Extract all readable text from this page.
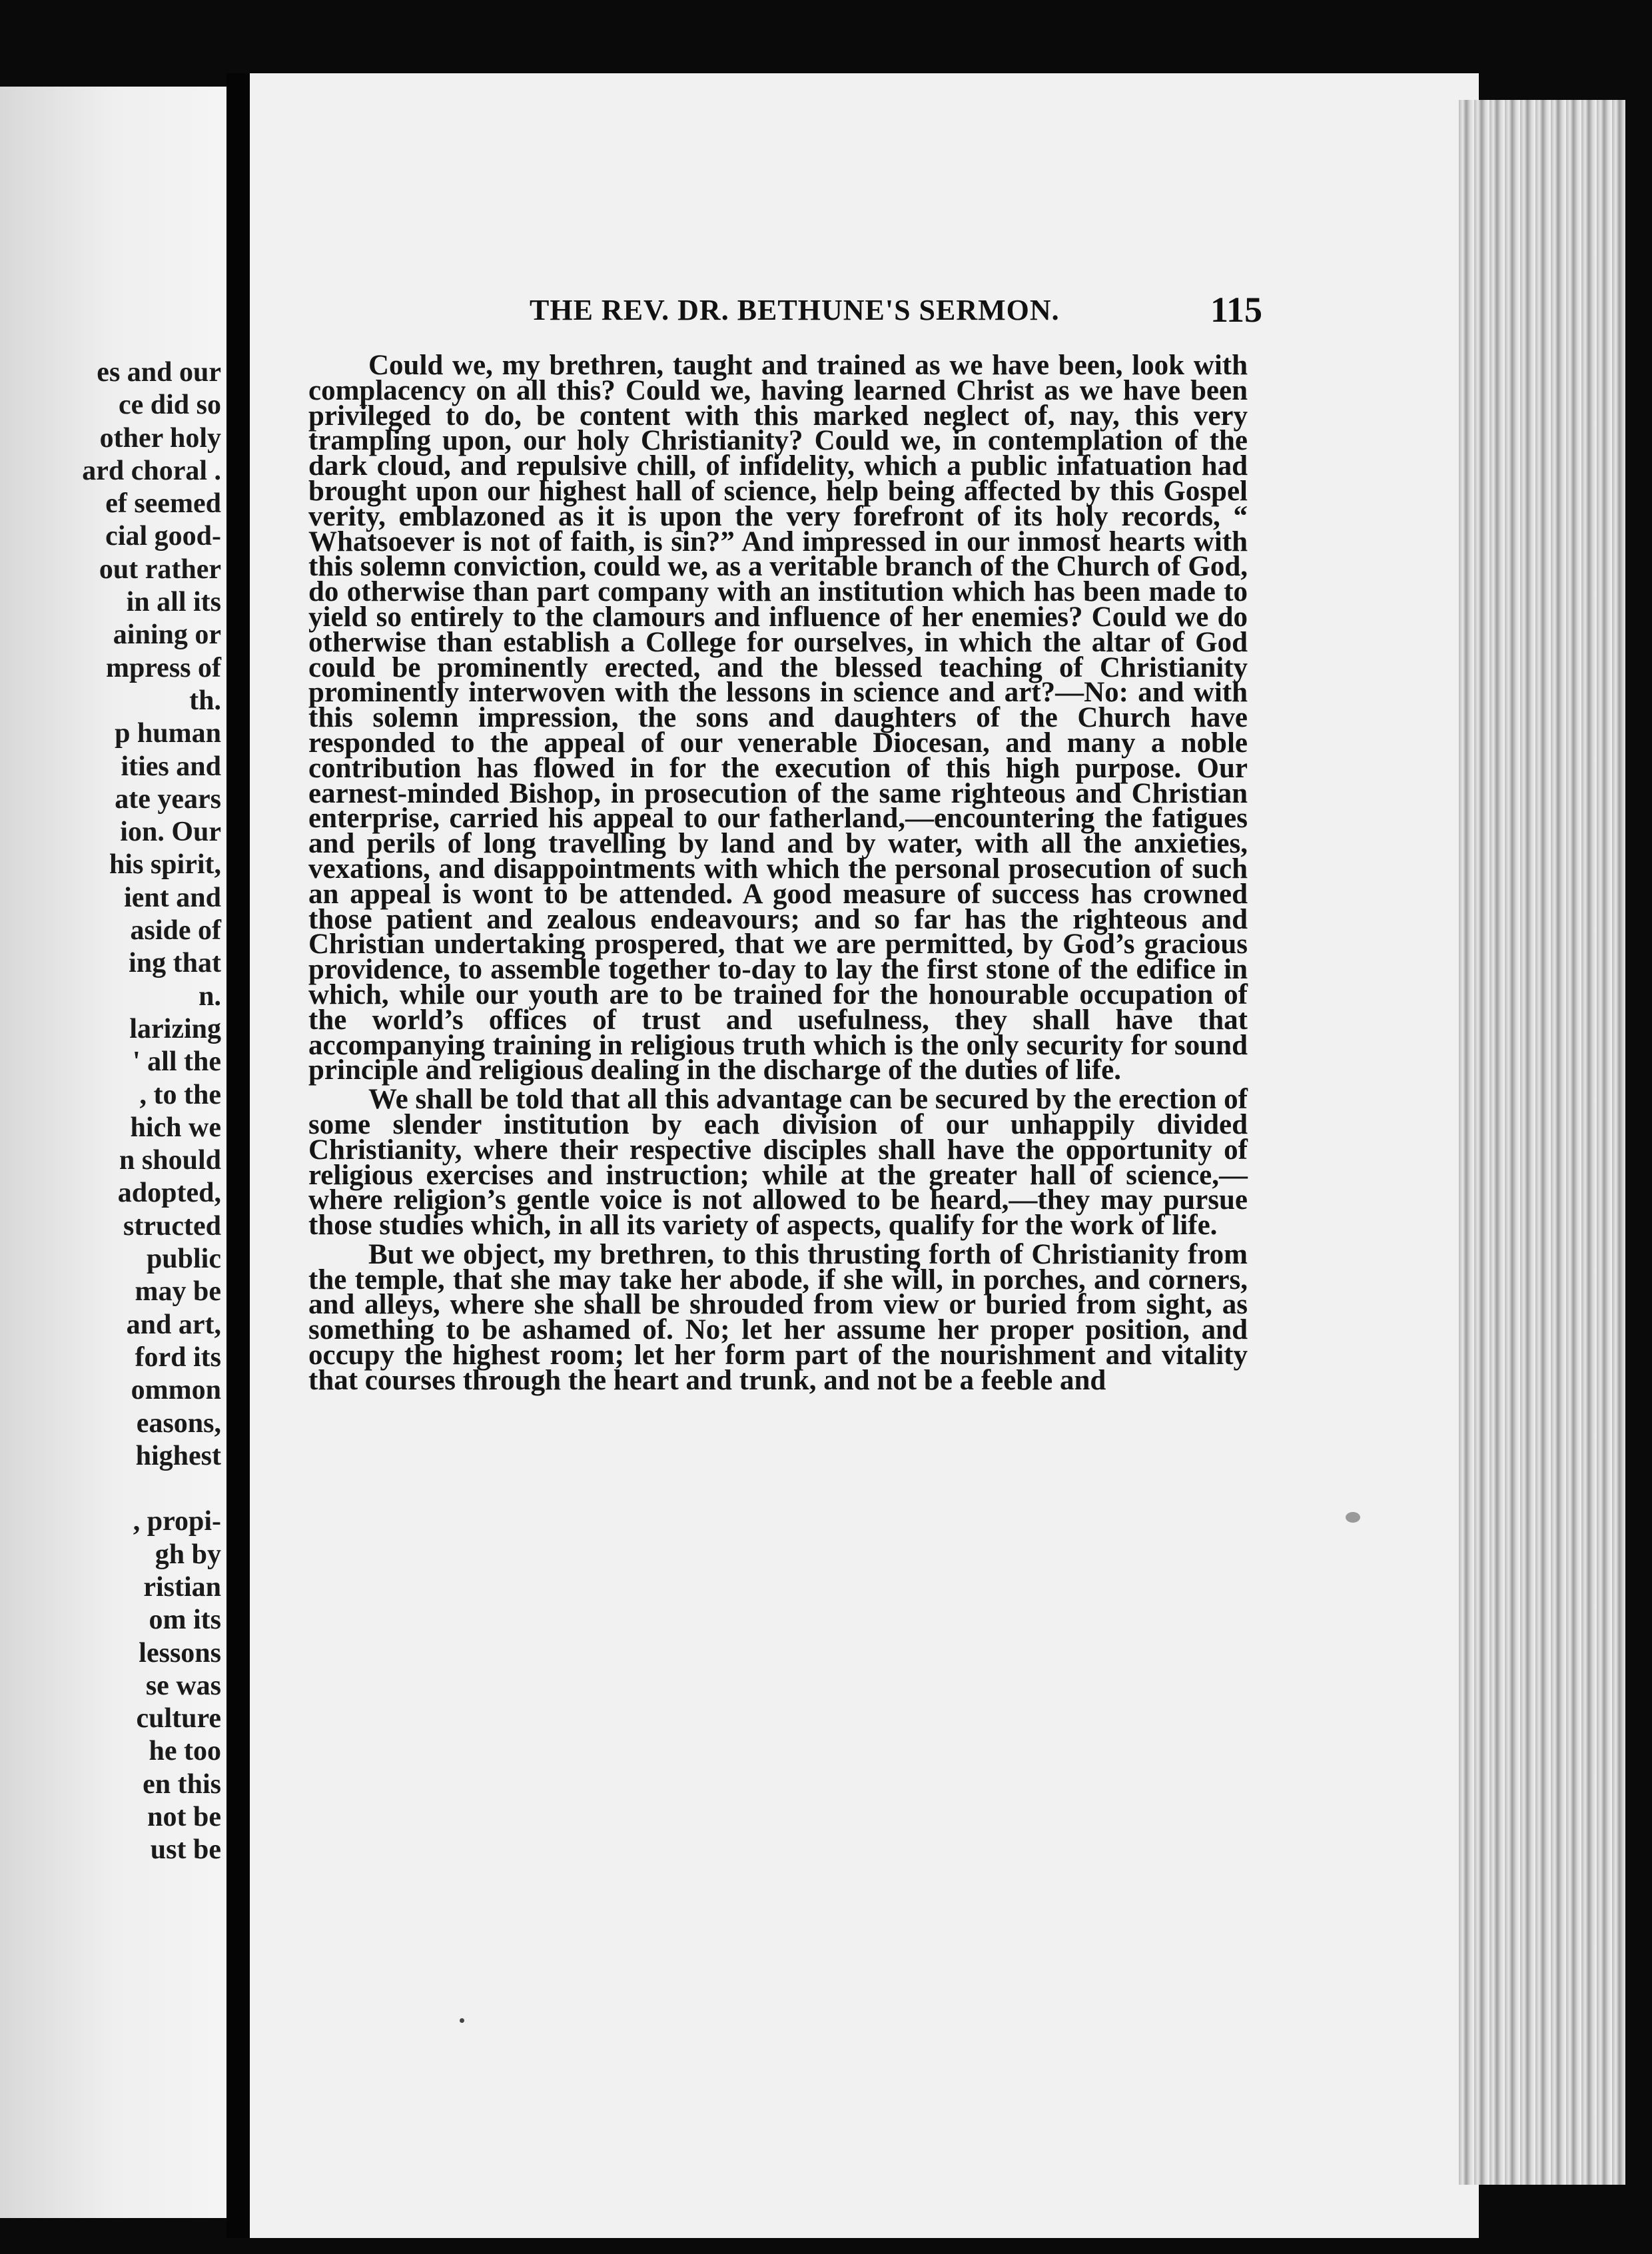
es and our
ce did so
other holy
ard choral .
ef seemed
cial good-
out rather
in all its
aining or
mpress of
th.
p human
ities and
ate years
ion. Our
his spirit,
ient and
aside of
ing that
n.
larizing
' all the
, to the
hich we
n should
adopted,
structed
public
may be
and art,
ford its
ommon
easons,
highest

, propi-
gh by
ristian
om its
lessons
se was
culture
he too
en this
not be
ust be
THE REV. DR. BETHUNE'S SERMON.	115

Could we, my brethren, taught and trained as we have been, look with complacency on all this? Could we, having learned Christ as we have been privileged to do, be content with this marked neglect of, nay, this very trampling upon, our holy Christianity? Could we, in contemplation of the dark cloud, and repulsive chill, of infidelity, which a public infatuation had brought upon our highest hall of science, help being affected by this Gospel verity, emblazoned as it is upon the very forefront of its holy records, “ Whatsoever is not of faith, is sin?” And impressed in our inmost hearts with this solemn conviction, could we, as a veritable branch of the Church of God, do otherwise than part company with an institution which has been made to yield so entirely to the clamours and influence of her enemies? Could we do otherwise than establish a College for ourselves, in which the altar of God could be prominently erected, and the blessed teaching of Christianity prominently interwoven with the lessons in science and art?—No: and with this solemn impression, the sons and daughters of the Church have responded to the appeal of our venerable Diocesan, and many a noble contribution has flowed in for the execution of this high purpose. Our earnest-minded Bishop, in prosecution of the same righteous and Christian enterprise, carried his appeal to our fatherland,—encountering the fatigues and perils of long travelling by land and by water, with all the anxieties, vexations, and disappointments with which the personal prosecution of such an appeal is wont to be attended. A good measure of success has crowned those patient and zealous endeavours; and so far has the righteous and Christian undertaking prospered, that we are permitted, by God’s gracious providence, to assemble together to-day to lay the first stone of the edifice in which, while our youth are to be trained for the honourable occupation of the world’s offices of trust and usefulness, they shall have that accompanying training in religious truth which is the only security for sound principle and religious dealing in the discharge of the duties of life.

We shall be told that all this advantage can be secured by the erection of some slender institution by each division of our unhappily divided Christianity, where their respective disciples shall have the opportunity of religious exercises and instruction; while at the greater hall of science,—where religion’s gentle voice is not allowed to be heard,—they may pursue those studies which, in all its variety of aspects, qualify for the work of life.

But we object, my brethren, to this thrusting forth of Christianity from the temple, that she may take her abode, if she will, in porches, and corners, and alleys, where she shall be shrouded from view or buried from sight, as something to be ashamed of. No; let her assume her proper position, and occupy the highest room; let her form part of the nourishment and vitality that courses through the heart and trunk, and not be a feeble and
